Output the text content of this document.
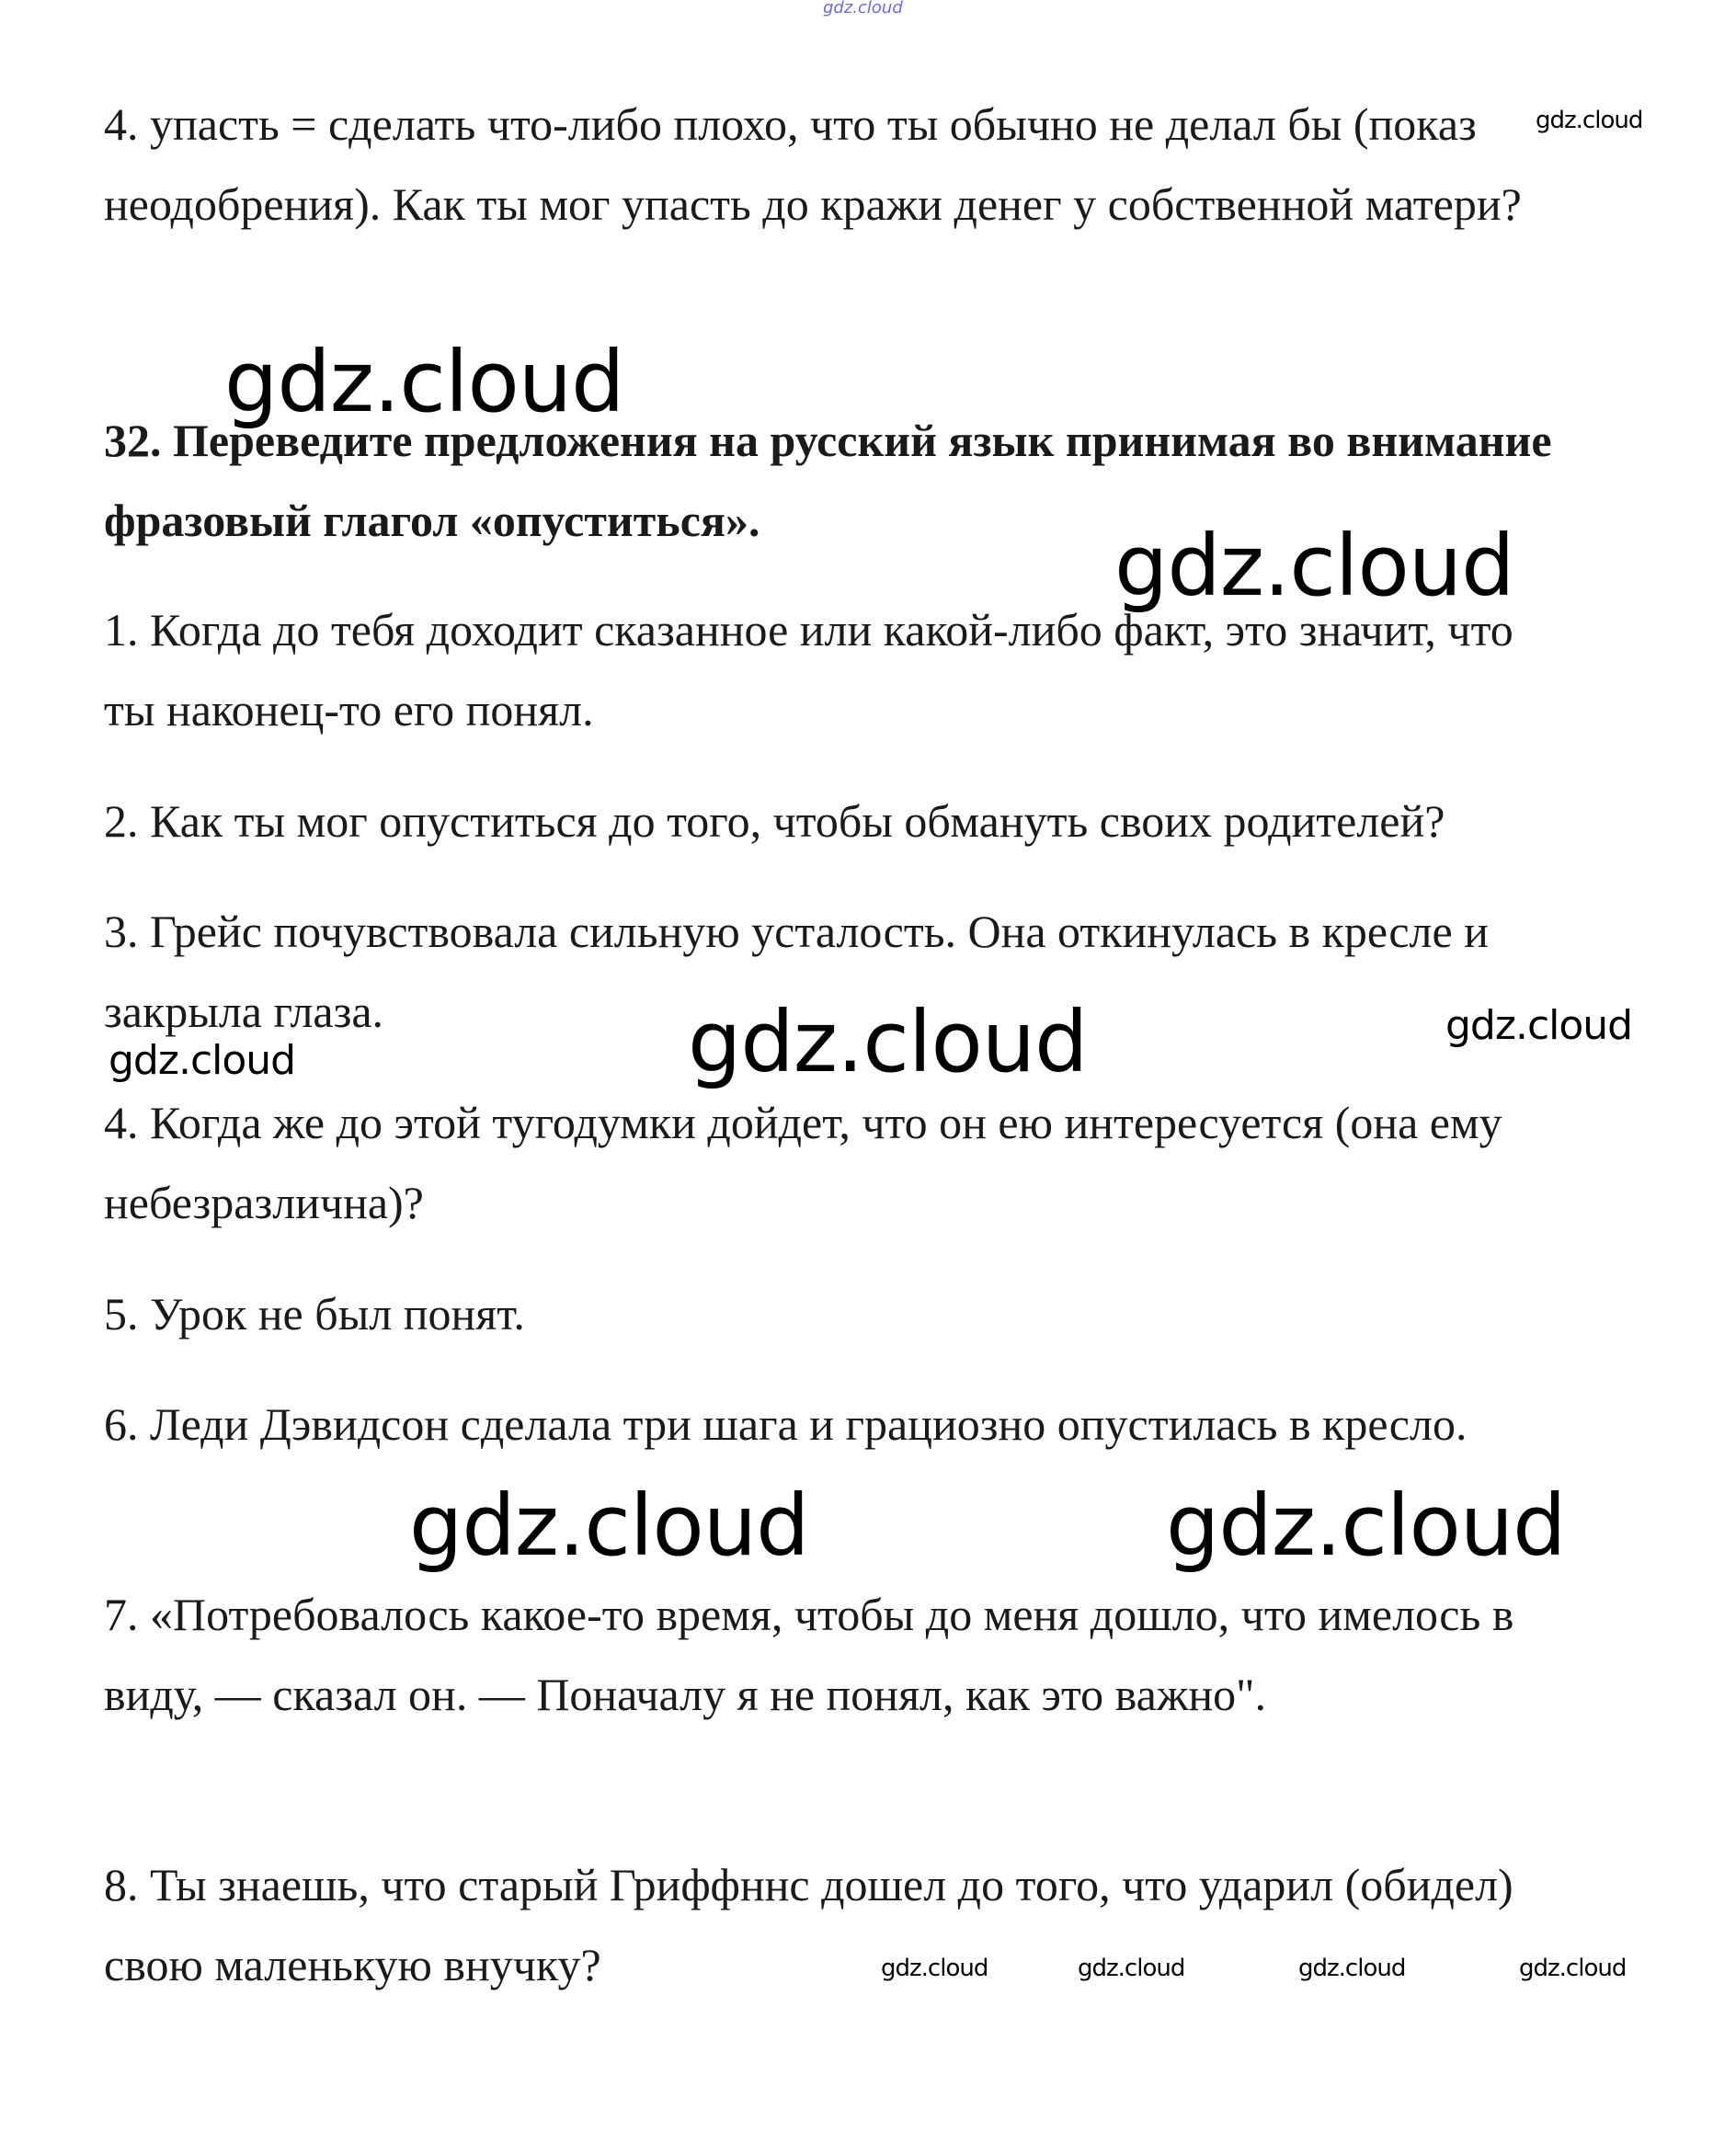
gdz.cloud

4. упасть = сделать что-либо плохо, что ты обычно не делал бы (показ неодобрения). Как ты мог упасть до кражи денег у собственной матери?

gdz.cloud
gdz.cloud

32. Переведите предложения на русский язык принимая во внимание фразовый глагол «опуститься».	gdz.cloud

1. Когда до тебя доходит сказанное или какой-либо факт, это значит, что ты наконец-то его понял.

2. Как ты мог опуститься до того, чтобы обмануть своих родителей?

3. Грейс почувствовала сильную усталость. Она откинулась в кресле и закрыла глаза.	gdz.cloud	gdz.cloud
gdz.cloud

4. Когда же до этой тугодумки дойдет, что он ею интересуется (она ему небезразлична)?

5. Урок не был понят.

6. Леди Дэвидсон сделала три шага и грациозно опустилась в кресло.

gdz.cloud	gdz.cloud

7. «Потребовалось какое-то время, чтобы до меня дошло, что имелось в виду, — сказал он. — Поначалу я не понял, как это важно".

8. Ты знаешь, что старый Гриффннс дошел до того, что ударил (обидел) свою маленькую внучку?	gdz.cloud	gdz.cloud	gdz.cloud	gdz.cloud
